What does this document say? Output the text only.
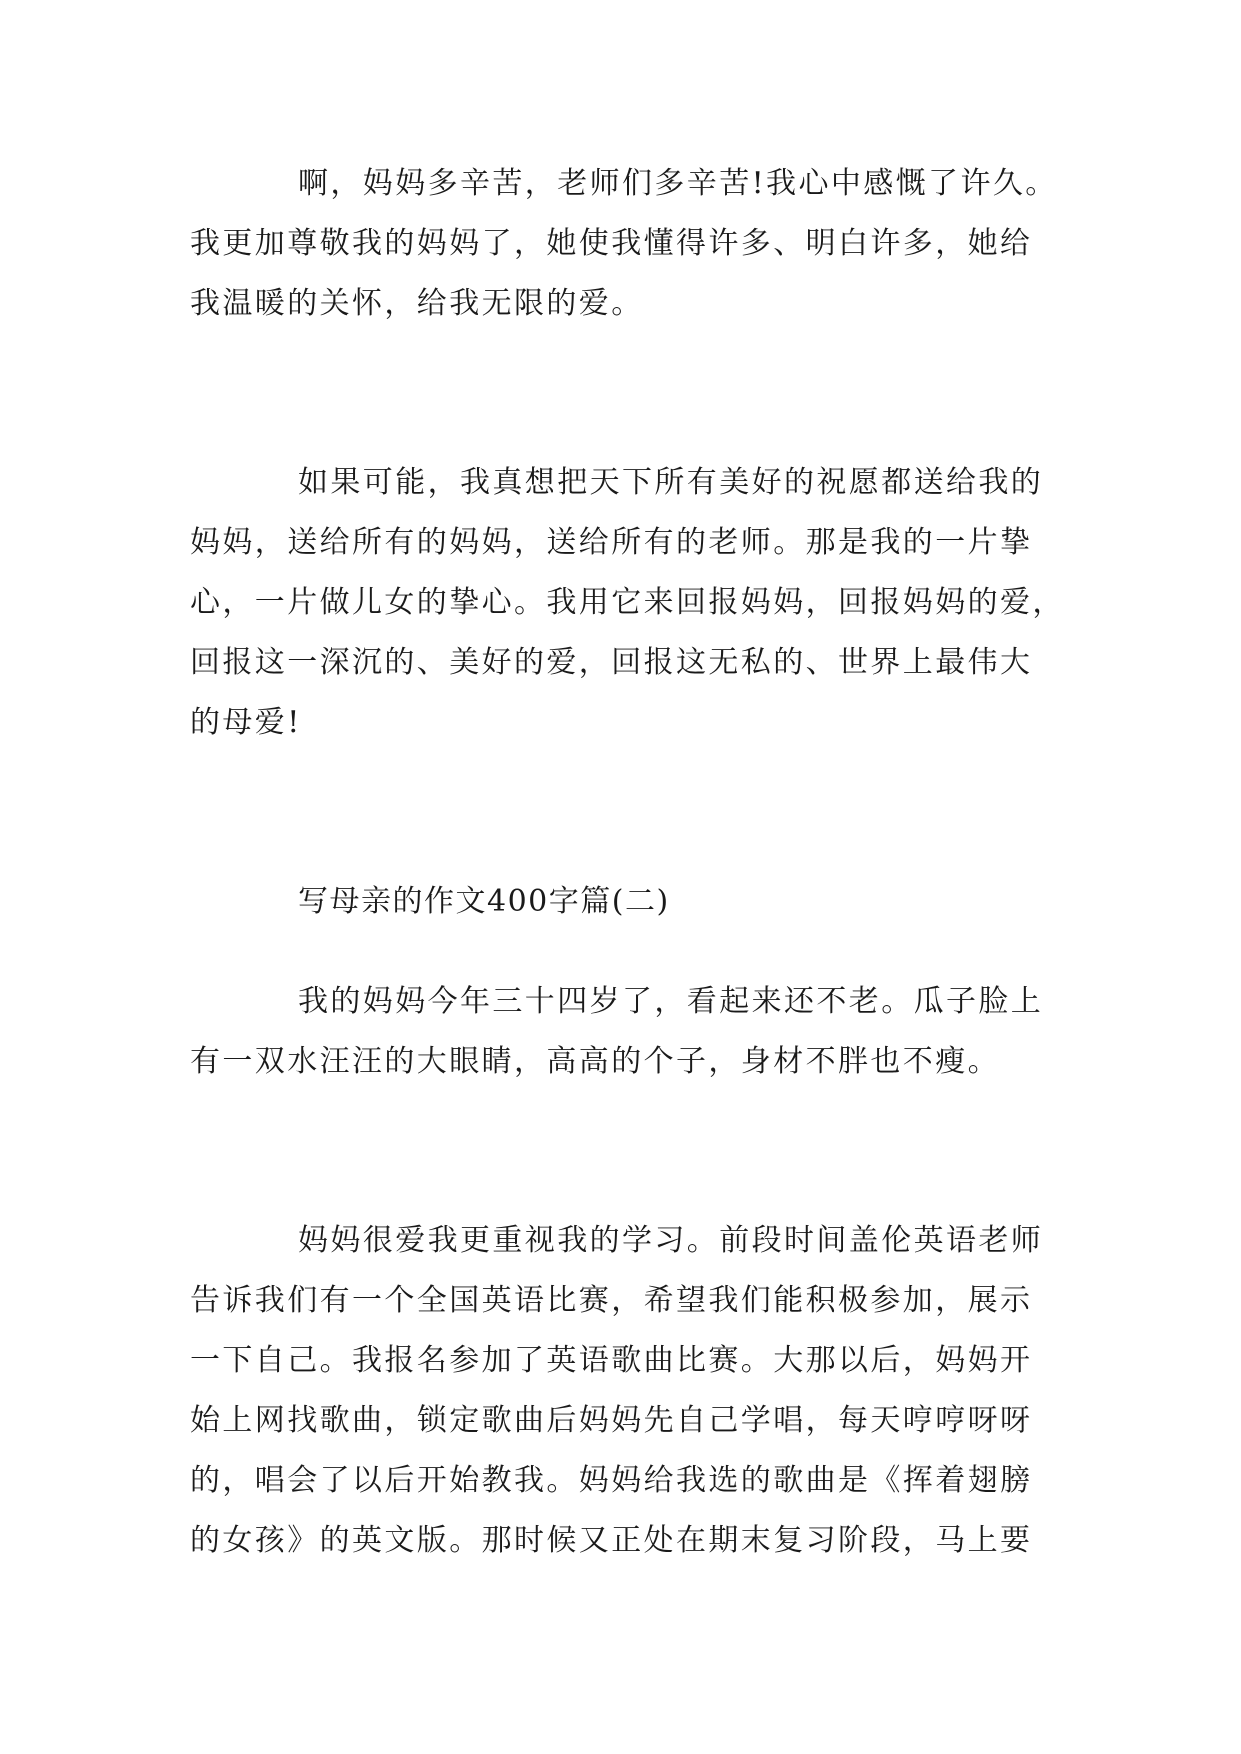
啊，妈妈多辛苦，老师们多辛苦!我心中感慨了许久。
我更加尊敬我的妈妈了，她使我懂得许多、明白许多，她给
我温暖的关怀，给我无限的爱。
如果可能，我真想把天下所有美好的祝愿都送给我的
妈妈，送给所有的妈妈，送给所有的老师。那是我的一片挚
心，一片做儿女的挚心。我用它来回报妈妈，回报妈妈的爱，
回报这一深沉的、美好的爱，回报这无私的、世界上最伟大
的母爱!
写母亲的作文400字篇(二)
我的妈妈今年三十四岁了，看起来还不老。瓜子脸上
有一双水汪汪的大眼睛，高高的个子，身材不胖也不瘦。
妈妈很爱我更重视我的学习。前段时间盖伦英语老师
告诉我们有一个全国英语比赛，希望我们能积极参加，展示
一下自己。我报名参加了英语歌曲比赛。大那以后，妈妈开
始上网找歌曲，锁定歌曲后妈妈先自己学唱，每天哼哼呀呀
的，唱会了以后开始教我。妈妈给我选的歌曲是《挥着翅膀
的女孩》的英文版。那时候又正处在期末复习阶段，马上要
